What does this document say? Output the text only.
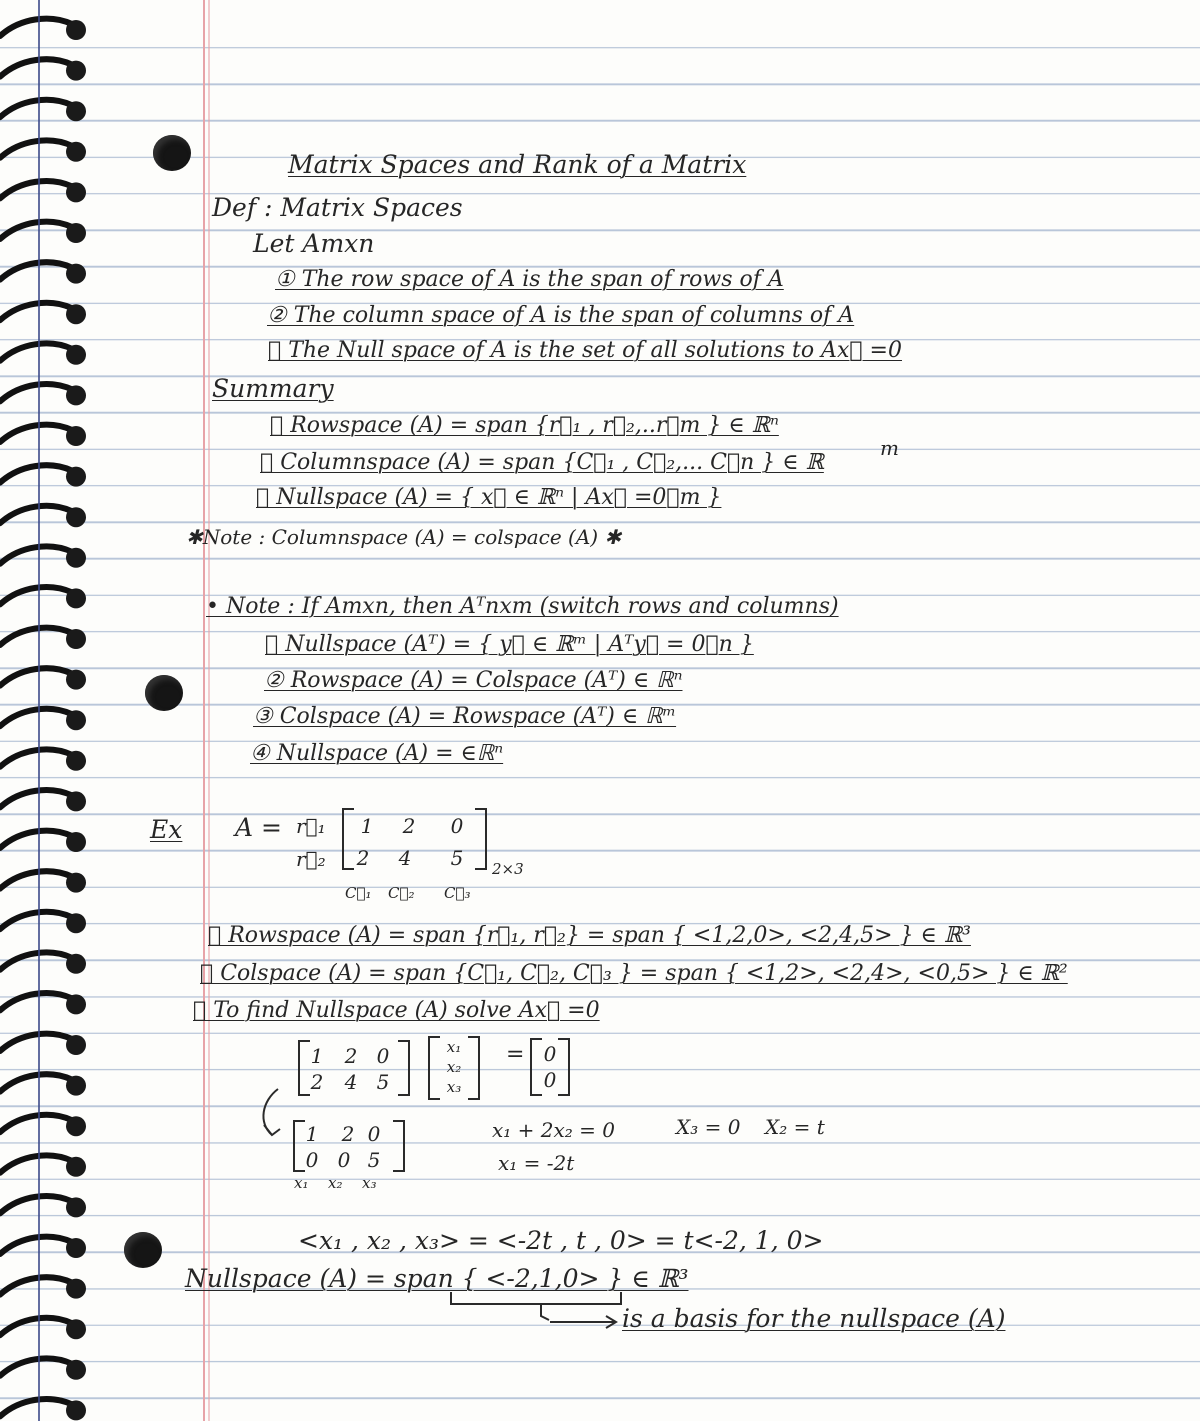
Matrix Spaces and Rank of a Matrix
Def : Matrix Spaces
Let Amxn
① The row space of A is the span of rows of A
② The column space of A is the span of columns of A
③ The Null space of A is the set of all solutions to Ax⃗ =0
Summary
① Rowspace (A) = span {r⃗₁ , r⃗₂,..r⃗m } ∈ ℝⁿ
② Columnspace (A) = span {C⃗₁ , C⃗₂,... C⃗n } ∈ ℝ
m
③ Nullspace (A) = { x⃗ ∈ ℝⁿ | Ax⃗ =0⃗m }
✱Note : Columnspace (A) = colspace (A) ✱
• Note : If Amxn, then Aᵀnxm (switch rows and columns)
① Nullspace (Aᵀ) = { y⃗ ∈ ℝᵐ | Aᵀy⃗ = 0⃗n }
② Rowspace (A) = Colspace (Aᵀ) ∈ ℝⁿ
③ Colspace (A) = Rowspace (Aᵀ) ∈ ℝᵐ
④ Nullspace (A) = ∈ℝⁿ
Ex A = r⃗₁
r⃗₂
1	2	0
2	4	5	2×3
C⃗₁ C⃗₂ C⃗₃
① Rowspace (A) = span {r⃗₁, r⃗₂} = span { <1,2,0>, <2,4,5> } ∈ ℝ³
② Colspace (A) = span {C⃗₁, C⃗₂, C⃗₃ } = span { <1,2>, <2,4>, <0,5> } ∈ ℝ²
③ To find Nullspace (A) solve Ax⃗ =0
1	2 0
2	4 5
x₁
x₂
x₃
= 0
0
1	2 0
0 0 5
x₁ x₂ x₃
x₁ + 2x₂ = 0
x₁ = -2t
X₃ = 0 X₂ = t
<x₁ , x₂ , x₃> = <-2t , t , 0> = t<-2, 1, 0>
Nullspace (A) = span { <-2,1,0> } ∈ ℝ³
is a basis for the nullspace (A)
